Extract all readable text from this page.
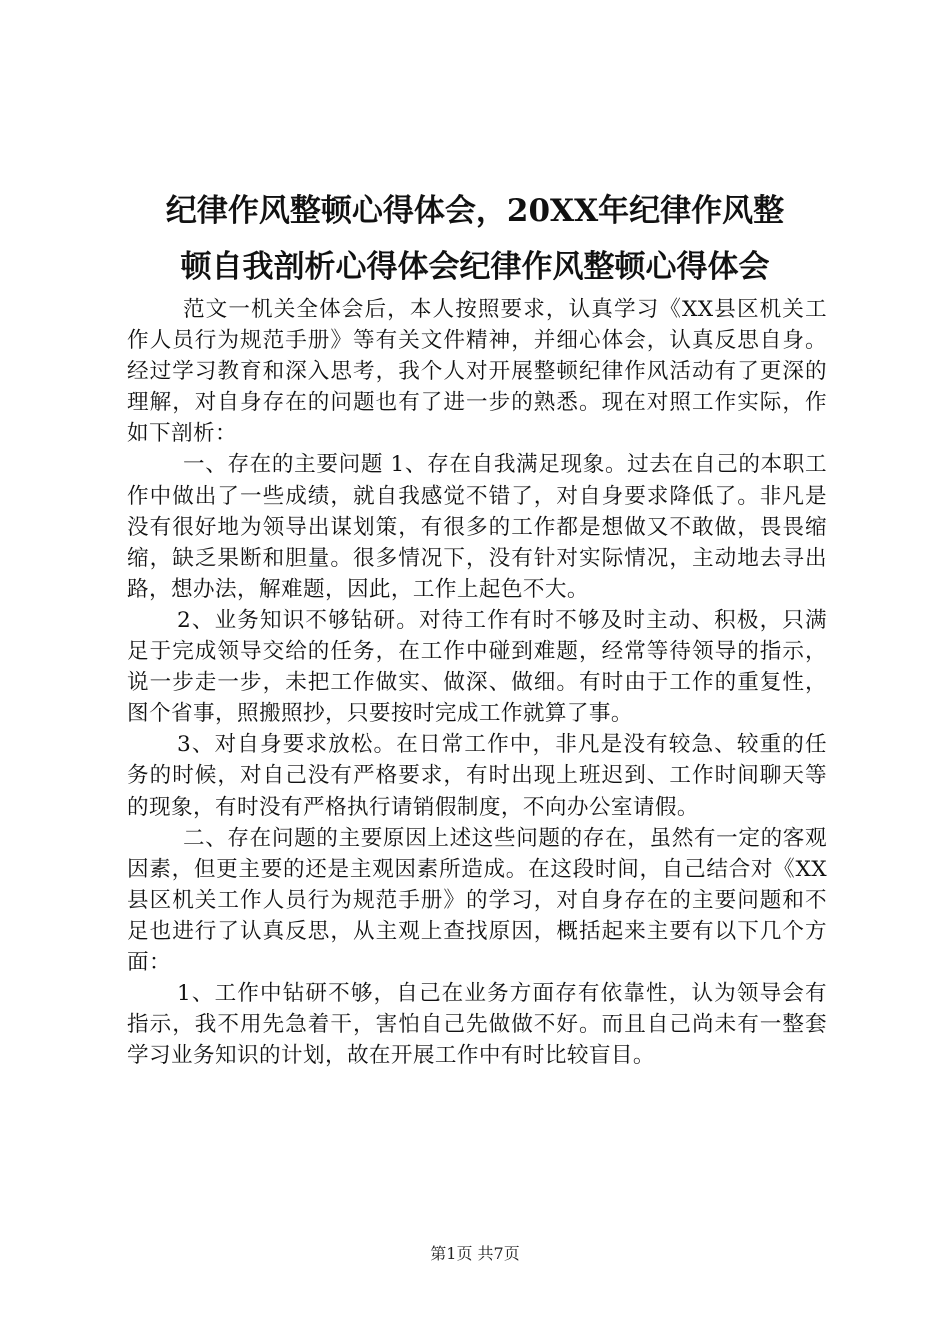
纪律作风整顿心得体会，20XX年纪律作风整
顿自我剖析心得体会纪律作风整顿心得体会

范文一机关全体会后，本人按照要求，认真学习《XX县区机关工作人员行为规范手册》等有关文件精神，并细心体会，认真反思自身。经过学习教育和深入思考，我个人对开展整顿纪律作风活动有了更深的理解，对自身存在的问题也有了进一步的熟悉。现在对照工作实际，作如下剖析：

一、存在的主要问题 1、存在自我满足现象。过去在自己的本职工作中做出了一些成绩，就自我感觉不错了，对自身要求降低了。非凡是没有很好地为领导出谋划策，有很多的工作都是想做又不敢做，畏畏缩缩，缺乏果断和胆量。很多情况下，没有针对实际情况，主动地去寻出路，想办法，解难题，因此，工作上起色不大。

2、业务知识不够钻研。对待工作有时不够及时主动、积极，只满足于完成领导交给的任务，在工作中碰到难题，经常等待领导的指示，说一步走一步，未把工作做实、做深、做细。有时由于工作的重复性，图个省事，照搬照抄，只要按时完成工作就算了事。

3、对自身要求放松。在日常工作中，非凡是没有较急、较重的任务的时候，对自己没有严格要求，有时出现上班迟到、工作时间聊天等的现象，有时没有严格执行请销假制度，不向办公室请假。

二、存在问题的主要原因上述这些问题的存在，虽然有一定的客观因素，但更主要的还是主观因素所造成。在这段时间，自己结合对《XX县区机关工作人员行为规范手册》的学习，对自身存在的主要问题和不足也进行了认真反思，从主观上查找原因，概括起来主要有以下几个方面：

1、工作中钻研不够，自己在业务方面存有依靠性，认为领导会有指示，我不用先急着干，害怕自己先做做不好。而且自己尚未有一整套学习业务知识的计划，故在开展工作中有时比较盲目。

第1页 共7页
